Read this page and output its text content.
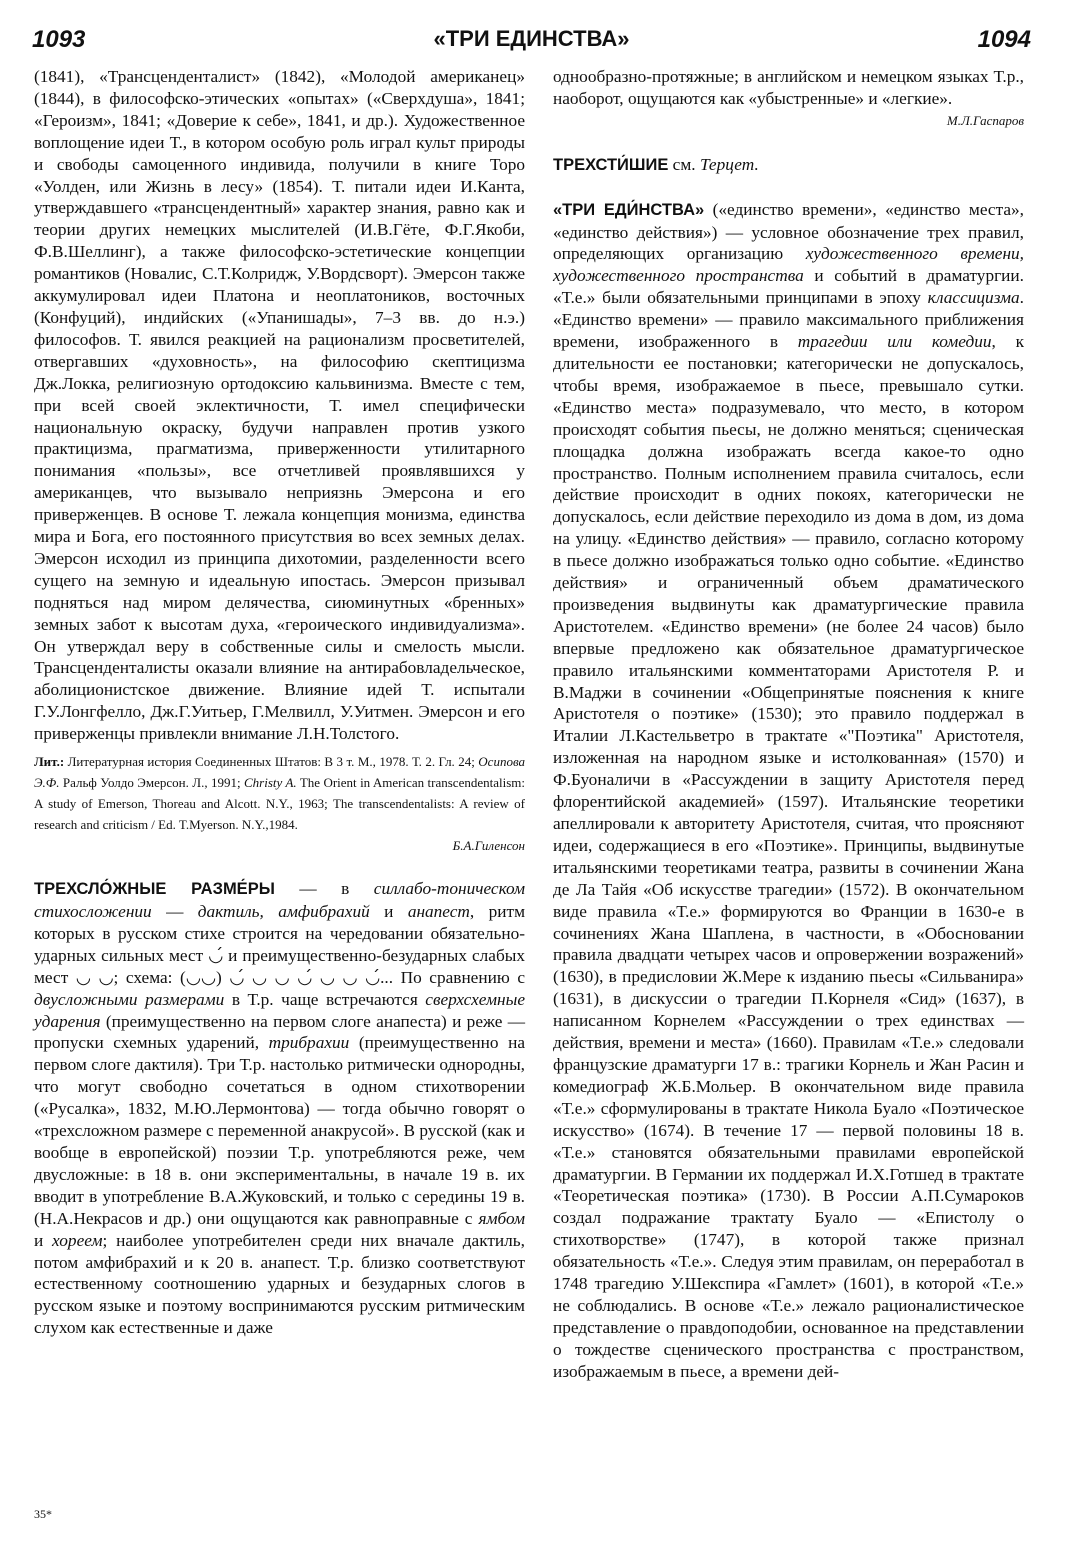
1093	«ТРИ ЕДИНСТВА»	1094

(1841), «Трансценденталист» (1842), «Молодой американец» (1844), в философско-этических «опытах» («Сверхдуша», 1841; «Героизм», 1841; «Доверие к себе», 1841, и др.). Художественное воплощение идеи Т., в котором особую роль играл культ природы и свободы самоценного индивида, получили в книге Торо «Уолден, или Жизнь в лесу» (1854). Т. питали идеи И.Канта, утверждавшего «трансцендентный» характер знания, равно как и теории других немецких мыслителей (И.В.Гёте, Ф.Г.Якоби, Ф.В.Шеллинг), а также философско-эстетические концепции романтиков (Новалис, С.Т.Колридж, У.Вордсворт). Эмерсон также аккумулировал идеи Платона и неоплатоников, восточных (Конфуций), индийских («Упанишады», 7–3 вв. до н.э.) философов. Т. явился реакцией на рационализм просветителей, отвергавших «духовность», на философию скептицизма Дж.Локка, религиозную ортодоксию кальвинизма. Вместе с тем, при всей своей эклектичности, Т. имел специфически национальную окраску, будучи направлен против узкого практицизма, прагматизма, приверженности утилитарного понимания «пользы», все отчетливей проявлявшихся у американцев, что вызывало неприязнь Эмерсона и его приверженцев. В основе Т. лежала концепция монизма, единства мира и Бога, его постоянного присутствия во всех земных делах. Эмерсон исходил из принципа дихотомии, разделенности всего сущего на земную и идеальную ипостась. Эмерсон призывал подняться над миром делячества, сиюминутных «бренных» земных забот к высотам духа, «героического индивидуализма». Он утверждал веру в собственные силы и смелость мысли. Трансценденталисты оказали влияние на антирабовладельческое, аболиционистское движение. Влияние идей Т. испытали Г.У.Лонгфелло, Дж.Г.Уитьер, Г.Мелвилл, У.Уитмен. Эмерсон и его приверженцы привлекли внимание Л.Н.Толстого.

Лит.: Литературная история Соединенных Штатов: В 3 т. М., 1978. Т. 2. Гл. 24; Осипова Э.Ф. Ральф Уолдо Эмерсон. Л., 1991; Christy A. The Orient in American transcendentalism: A study of Emerson, Thoreau and Alcott. N.Y., 1963; The transcendentalists: A review of research and criticism / Ed. T.Myerson. N.Y.,1984.
Б.А.Гиленсон

ТРЕХСЛО́ЖНЫЕ РАЗМЕ́РЫ — в силлабо-тоническом стихосложении — дактиль, амфибрахий и анапест, ритм которых в русском стихе строится на чередовании обязательно-ударных сильных мест ◡́ и преимущественно-безударных слабых мест ◡ ◡; схема: (◡◡) ◡́ ◡ ◡ ◡́ ◡ ◡ ◡́... По сравнению с двусложными размерами в Т.р. чаще встречаются сверхсхемные ударения (преимущественно на первом слоге анапеста) и реже — пропуски схемных ударений, трибрахии (преимущественно на первом слоге дактиля). Три Т.р. настолько ритмически однородны, что могут свободно сочетаться в одном стихотворении («Русалка», 1832, М.Ю.Лермонтова) — тогда обычно говорят о «трехсложном размере с переменной анакрусой». В русской (как и вообще в европейской) поэзии Т.р. употребляются реже, чем двусложные: в 18 в. они экспериментальны, в начале 19 в. их вводит в употребление В.А.Жуковский, и только с середины 19 в. (Н.А.Некрасов и др.) они ощущаются как равноправные с ямбом и хореем; наиболее употребителен среди них вначале дактиль, потом амфибрахий и к 20 в. анапест. Т.р. близко соответствуют естественному соотношению ударных и безударных слогов в русском языке и поэтому воспринимаются русским ритмическим слухом как естественные и даже

однообразно-протяжные; в английском и немецком языках Т.р., наоборот, ощущаются как «убыстренные» и «легкие».
М.Л.Гаспаров

ТРЕХСТИ́ШИЕ см. Терцет.

«ТРИ ЕДИ́НСТВА» («единство времени», «единство места», «единство действия») — условное обозначение трех правил, определяющих организацию художественного времени, художественного пространства и событий в драматургии. «Т.е.» были обязательными принципами в эпоху классицизма. «Единство времени» — правило максимального приближения времени, изображенного в трагедии или комедии, к длительности ее постановки; категорически не допускалось, чтобы время, изображаемое в пьесе, превышало сутки. «Единство места» подразумевало, что место, в котором происходят события пьесы, не должно меняться; сценическая площадка должна изображать всегда какое-то одно пространство. Полным исполнением правила считалось, если действие происходит в одних покоях, категорически не допускалось, если действие переходило из дома в дом, из дома на улицу. «Единство действия» — правило, согласно которому в пьесе должно изображаться только одно событие. «Единство действия» и ограниченный объем драматического произведения выдвинуты как драматургические правила Аристотелем. «Единство времени» (не более 24 часов) было впервые предложено как обязательное драматургическое правило итальянскими комментаторами Аристотеля Р. и В.Маджи в сочинении «Общепринятые пояснения к книге Аристотеля о поэтике» (1530); это правило поддержал в Италии Л.Кастельветро в трактате «"Поэтика" Аристотеля, изложенная на народном языке и истолкованная» (1570) и Ф.Буоналичи в «Рассуждении в защиту Аристотеля перед флорентийской академией» (1597). Итальянские теоретики апеллировали к авторитету Аристотеля, считая, что проясняют идеи, содержащиеся в его «Поэтике». Принципы, выдвинутые итальянскими теоретиками театра, развиты в сочинении Жана де Ла Тайя «Об искусстве трагедии» (1572). В окончательном виде правила «Т.е.» формируются во Франции в 1630-е в сочинениях Жана Шаплена, в частности, в «Обосновании правила двадцати четырех часов и опровержении возражений» (1630), в предисловии Ж.Мере к изданию пьесы «Сильванира» (1631), в дискуссии о трагедии П.Корнеля «Сид» (1637), в написанном Корнелем «Рассуждении о трех единствах — действия, времени и места» (1660). Правилам «Т.е.» следовали французские драматурги 17 в.: трагики Корнель и Жан Расин и комедиограф Ж.Б.Мольер. В окончательном виде правила «Т.е.» сформулированы в трактате Никола Буало «Поэтическое искусство» (1674). В течение 17 — первой половины 18 в. «Т.е.» становятся обязательными правилами европейской драматургии. В Германии их поддержал И.Х.Готшед в трактате «Теоретическая поэтика» (1730). В России А.П.Сумароков создал подражание трактату Буало — «Епистолу о стихотворстве» (1747), в которой также признал обязательность «Т.е.». Следуя этим правилам, он переработал в 1748 трагедию У.Шекспира «Гамлет» (1601), в которой «Т.е.» не соблюдались. В основе «Т.е.» лежало рационалистическое представление о правдоподобии, основанное на представлении о тождестве сценического пространства с пространством, изображаемым в пьесе, а времени дей-

35*
